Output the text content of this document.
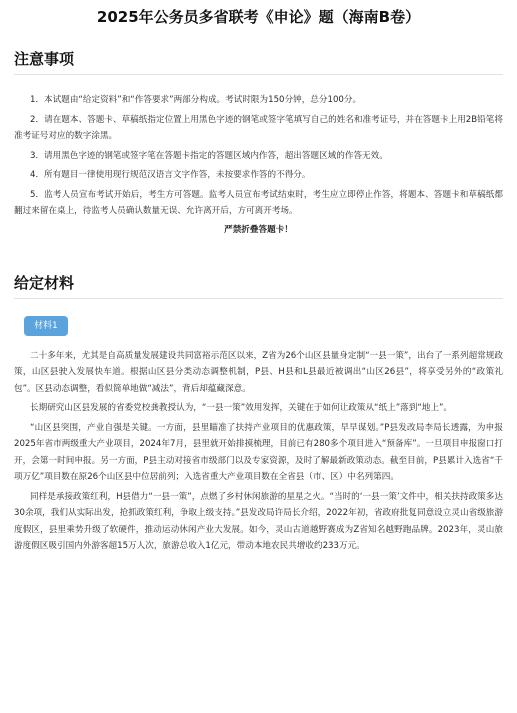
2025年公务员多省联考《申论》题（海南B卷）
注意事项

1．本试题由“给定资料”和“作答要求”两部分构成。考试时限为150分钟，总分100分。

2．请在题本、答题卡、草稿纸指定位置上用黑色字迹的钢笔或签字笔填写自己的姓名和准考证号，并在答题卡上用2B铅笔将准考证号对应的数字涂黑。

3．请用黑色字迹的钢笔或签字笔在答题卡指定的答题区域内作答，超出答题区域的作答无效。

4．所有题目一律使用现行规范汉语言文字作答，未按要求作答的不得分。

5．监考人员宣布考试开始后，考生方可答题。监考人员宣布考试结束时，考生应立即停止作答，将题本、答题卡和草稿纸都翻过来留在桌上，待监考人员确认数量无误、允许离开后，方可离开考场。

严禁折叠答题卡！
给定材料
材料1

二十多年来，尤其是自高质量发展建设共同富裕示范区以来，Z省为26个山区县量身定制“一县一策”，出台了一系列超常规政策，山区县驶入发展快车道。根据山区县分类动态调整机制，P县、H县和L县最近被调出“山区26县”，将享受另外的“政策礼包”。区县动态调整，看似简单地做“减法”，背后却蕴藏深意。

长期研究山区县发展的省委党校龚教授认为，“一县一策”效用发挥，关键在于如何让政策从“纸上”落到“地上”。

“山区县突围，产业自强是关键。一方面，县里瞄准了扶持产业项目的优惠政策，早早谋划。”P县发改局李局长透露，为申报2025年省市两级重大产业项目，2024年7月，县里就开始排摸梳理，目前已有280多个项目进入“预备库”。一旦项目申报窗口打开，会第一时间申报。另一方面，P县主动对接省市级部门以及专家资源，及时了解最新政策动态。截至目前，P县累计入选省“千项万亿”项目数在原26个山区县中位居前列；入选省重大产业项目数在全省县（市、区）中名列第四。

同样是承接政策红利，H县借力“一县一策”，点燃了乡村休闲旅游的星星之火。“当时的‘一县一策’文件中，相关扶持政策多达30余项，我们从实际出发，抢抓政策红利，争取上级支持。”县发改局许局长介绍，2022年初，省政府批复同意设立灵山省级旅游度假区，县里乘势升级了软硬件，推动运动休闲产业大发展。如今，灵山古道越野赛成为Z省知名越野跑品牌。2023年，灵山旅游度假区吸引国内外游客超15万人次，旅游总收入1亿元，带动本地农民共增收约233万元。
